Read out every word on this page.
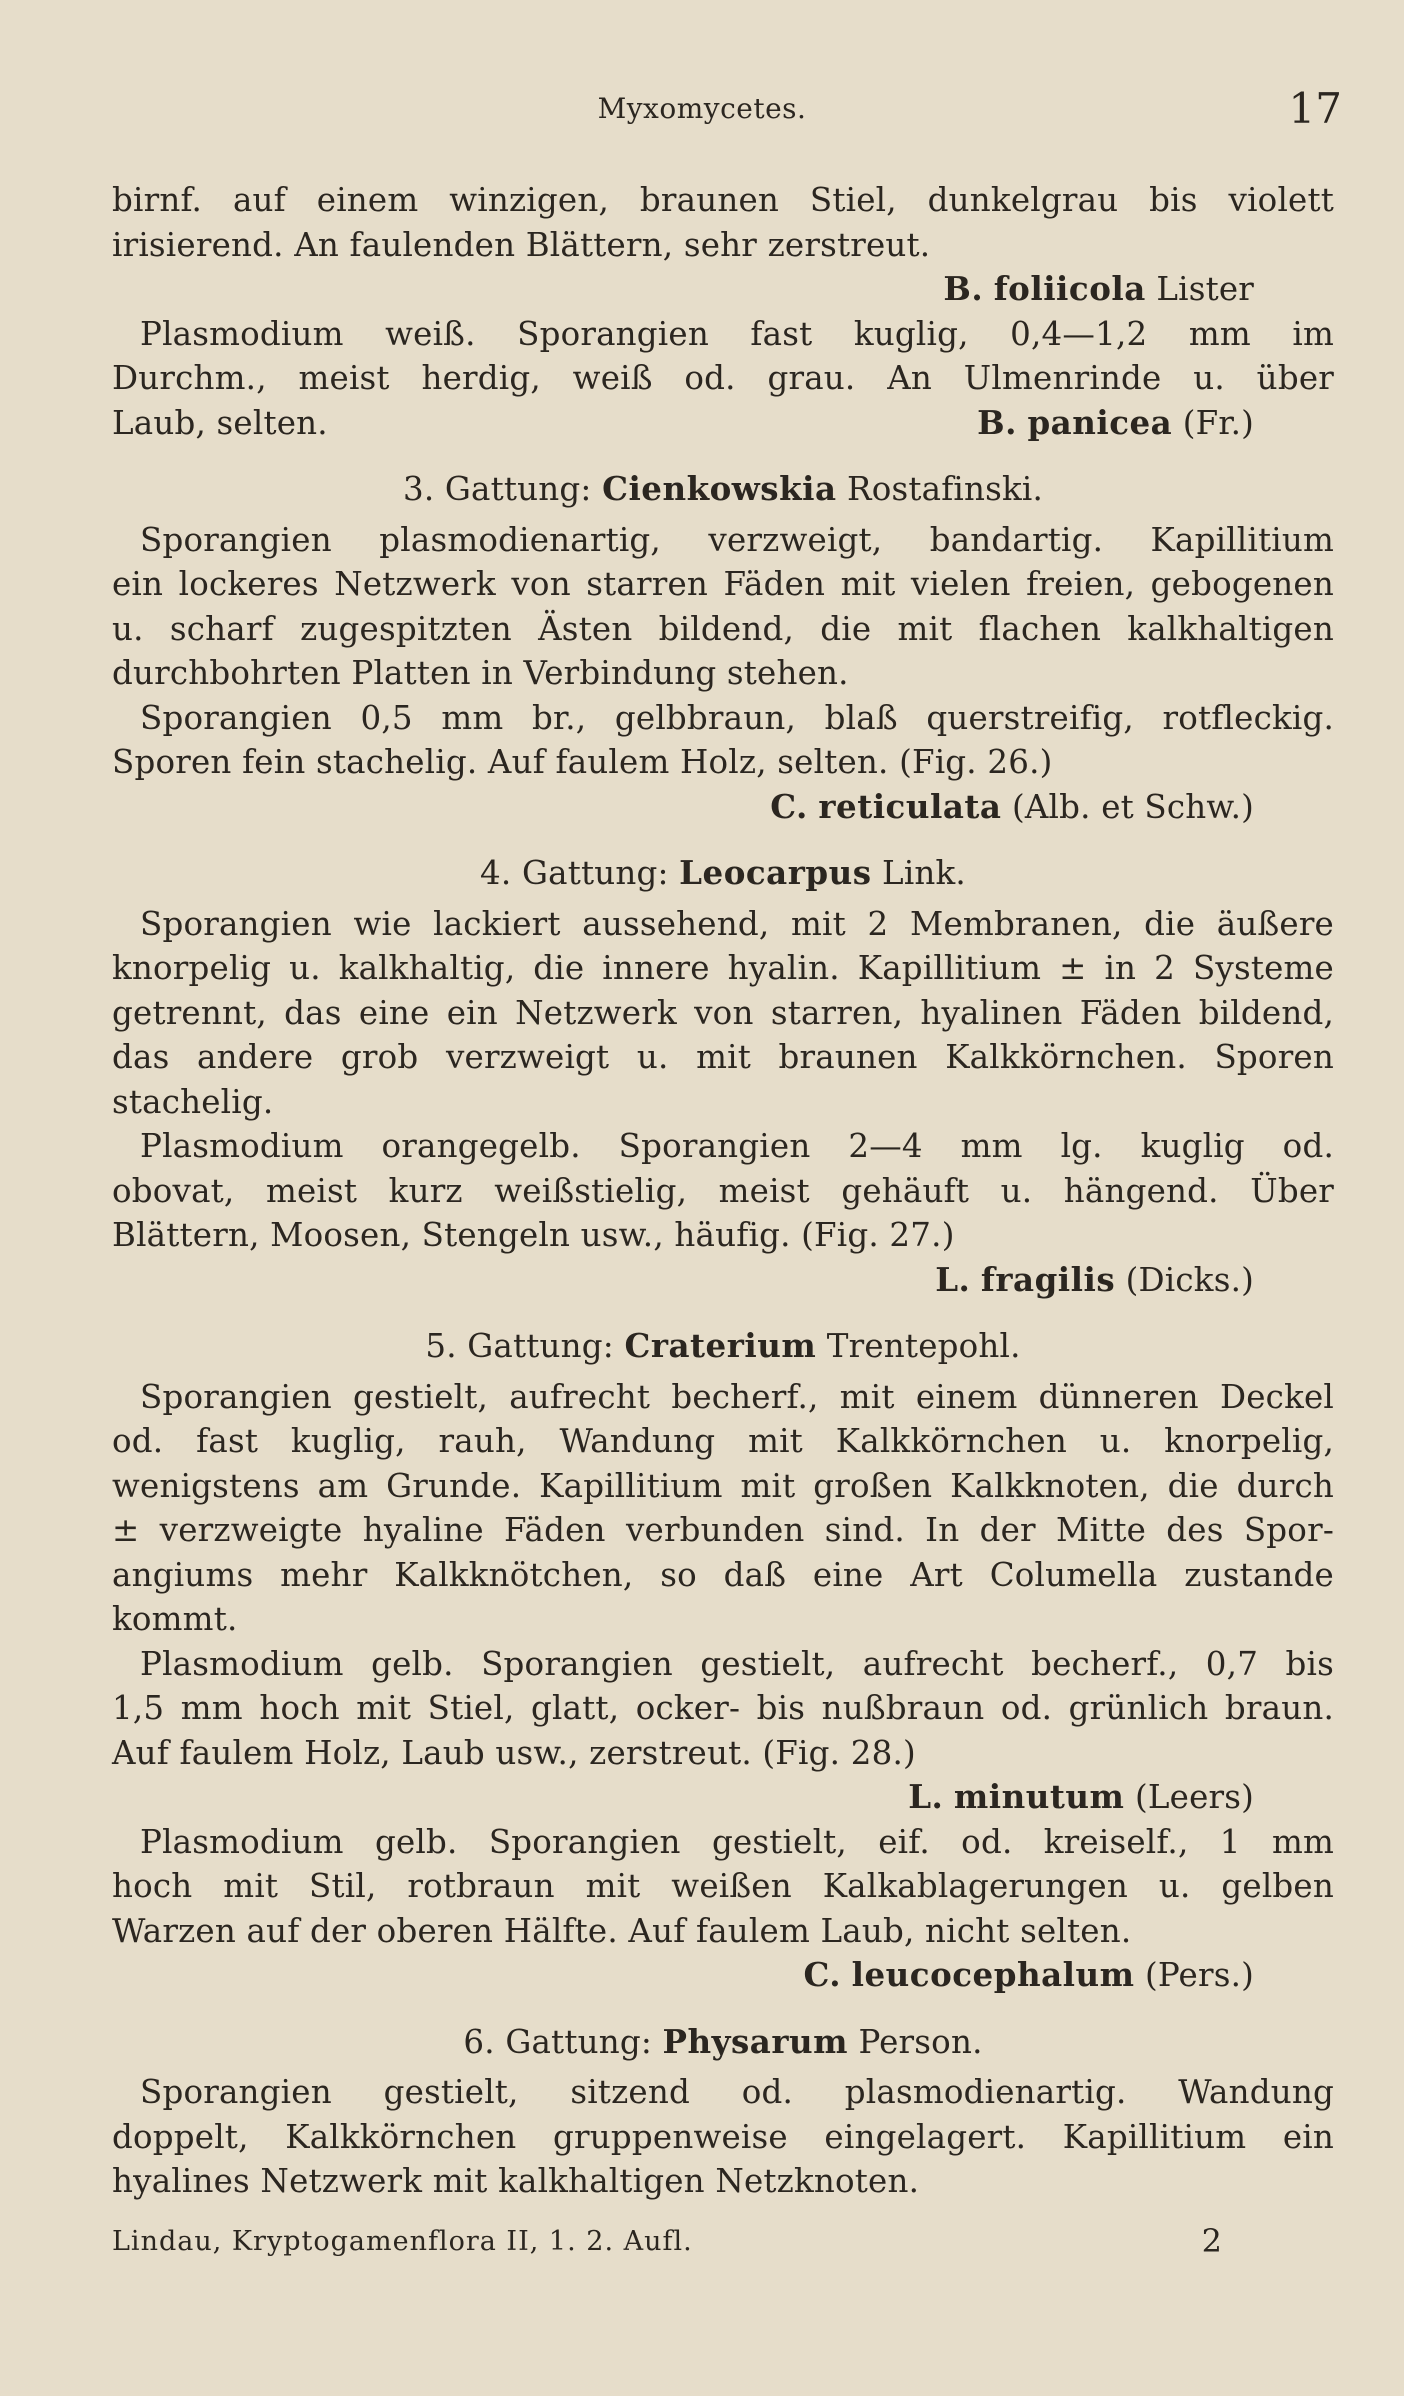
Myxomycetes.	17
birnf. auf einem winzigen, braunen Stiel, dunkelgrau bis violett
irisierend. An faulenden Blättern, sehr zerstreut.
B. foliicola Lister
Plasmodium weiß. Sporangien fast kuglig, 0,4—1,2 mm im
Durchm., meist herdig, weiß od. grau. An Ulmenrinde u. über
Laub, selten.	B. panicea (Fr.)
3. Gattung: Cienkowskia Rostafinski.
Sporangien plasmodienartig, verzweigt, bandartig. Kapillitium
ein lockeres Netzwerk von starren Fäden mit vielen freien, gebogenen
u. scharf zugespitzten Ästen bildend, die mit flachen kalkhaltigen
durchbohrten Platten in Verbindung stehen.
Sporangien 0,5 mm br., gelbbraun, blaß querstreifig, rotfleckig.
Sporen fein stachelig. Auf faulem Holz, selten. (Fig. 26.)
C. reticulata (Alb. et Schw.)
4. Gattung: Leocarpus Link.
Sporangien wie lackiert aussehend, mit 2 Membranen, die äußere
knorpelig u. kalkhaltig, die innere hyalin. Kapillitium ± in 2 Systeme
getrennt, das eine ein Netzwerk von starren, hyalinen Fäden bildend,
das andere grob verzweigt u. mit braunen Kalkkörnchen. Sporen
stachelig.
Plasmodium orangegelb. Sporangien 2—4 mm lg. kuglig od.
obovat, meist kurz weißstielig, meist gehäuft u. hängend. Über
Blättern, Moosen, Stengeln usw., häufig. (Fig. 27.)
L. fragilis (Dicks.)
5. Gattung: Craterium Trentepohl.
Sporangien gestielt, aufrecht becherf., mit einem dünneren Deckel
od. fast kuglig, rauh, Wandung mit Kalkkörnchen u. knorpelig,
wenigstens am Grunde. Kapillitium mit großen Kalkknoten, die durch
± verzweigte hyaline Fäden verbunden sind. In der Mitte des Spor-
angiums mehr Kalkknötchen, so daß eine Art Columella zustande
kommt.
Plasmodium gelb. Sporangien gestielt, aufrecht becherf., 0,7 bis
1,5 mm hoch mit Stiel, glatt, ocker- bis nußbraun od. grünlich braun.
Auf faulem Holz, Laub usw., zerstreut. (Fig. 28.)
L. minutum (Leers)
Plasmodium gelb. Sporangien gestielt, eif. od. kreiself., 1 mm
hoch mit Stil, rotbraun mit weißen Kalkablagerungen u. gelben
Warzen auf der oberen Hälfte. Auf faulem Laub, nicht selten.
C. leucocephalum (Pers.)
6. Gattung: Physarum Person.
Sporangien gestielt, sitzend od. plasmodienartig. Wandung
doppelt, Kalkkörnchen gruppenweise eingelagert. Kapillitium ein
hyalines Netzwerk mit kalkhaltigen Netzknoten.
Lindau, Kryptogamenflora II, 1. 2. Aufl.	2
